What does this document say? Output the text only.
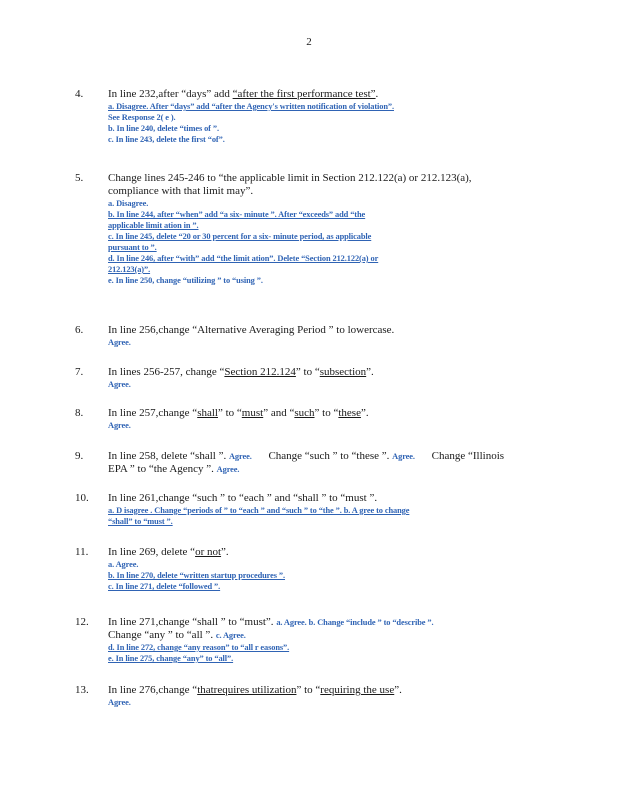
2
4. In line 232,after “days” add “after the first performance test”.
a. Disagree. After “days” add “after the Agency's written notification of violation”.
See Response 2( e ).
b. In line 240, delete “times of ”.
c. In line 243, delete the first “of”.
5. Change lines 245-246 to “the applicable limit in Section 212.122(a) or 212.123(a),
compliance with that limit may”.
a. Disagree.
b. In line 244, after “when” add “a six- minute ”. After “exceeds” add “the
applicable limit ation in ”.
c. In line 245, delete “20 or 30 percent for a six- minute period, as applicable
pursuant to ”.
d. In line 246, after “with” add “the limit ation”. Delete “Section 212.122(a) or
212.123(a)”.
e. In line 250, change “utilizing ” to “using ”.
6. In line 256,change “Alternative Averaging Period ” to lowercase.
Agree.
7. In lines 256-257, change “Section 212.124” to “subsection”.
Agree.
8. In line 257,change “shall” to “must” and “such” to “these”.
Agree.
9. In line 258, delete “shall ”. Agree. Change “such ” to “these ”. Agree. Change “Illinois
EPA ” to “the Agency ”. Agree.
10. In line 261,change “such ” to “each ” and “shall ” to “must ”.
a. D isagree . Change “periods of ” to “each ” and “such ” to “the ”. b. A gree to change
“shall” to “must ”.
11. In line 269, delete “or not”.
a. Agree.
b. In line 270, delete “written startup procedures ”.
c. In line 271, delete “followed ”.
12. In line 271,change “shall ” to “must”. a. Agree. b. Change “include ” to “describe ”.
Change “any ” to “all ”. c. Agree.
d. In line 272, change “any reason” to “all r easons”.
e. In line 275, change “any” to “all”.
13. In line 276,change “thatrequires utilization” to “requiring the use”.
Agree.
